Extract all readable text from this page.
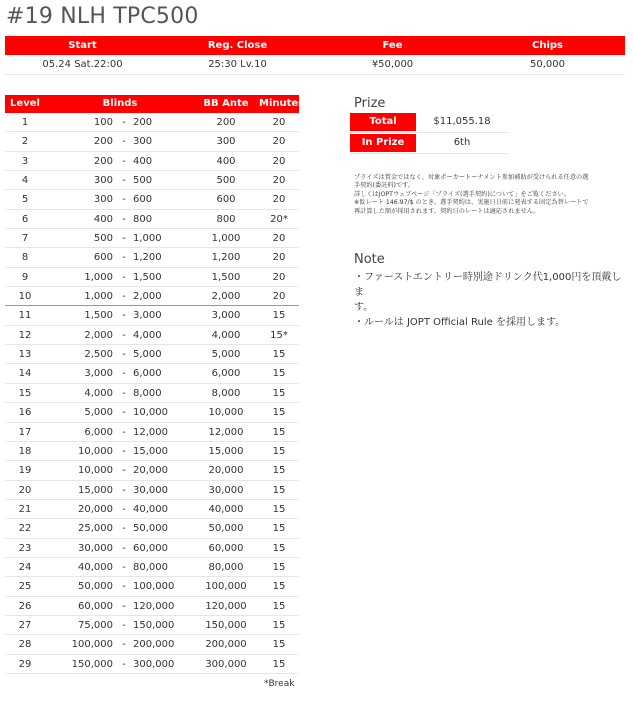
#19 NLH TPC500
Start	Reg. Close	Fee	Chips
05.24 Sat.22:00	25:30 Lv.10	¥50,000	50,000
Level	Blinds	BB Ante	Minutes
1	100 - 200	200	20
2	200 - 300	300	20
3	200 - 400	400	20
4	300 - 500	500	20
5	300 - 600	600	20
6	400 - 800	800	20*
7	500 - 1,000	1,000	20
8	600 - 1,200	1,200	20
9	1,000 - 1,500	1,500	20
10	1,000 - 2,000	2,000	20
11	1,500 - 3,000	3,000	15
12	2,000 - 4,000	4,000	15*
13	2,500 - 5,000	5,000	15
14	3,000 - 6,000	6,000	15
15	4,000 - 8,000	8,000	15
16	5,000 - 10,000	10,000	15
17	6,000 - 12,000	12,000	15
18	10,000 - 15,000	15,000	15
19	10,000 - 20,000	20,000	15
20	15,000 - 30,000	30,000	15
21	20,000 - 40,000	40,000	15
22	25,000 - 50,000	50,000	15
23	30,000 - 60,000	60,000	15
24	40,000 - 80,000	80,000	15
25	50,000 - 100,000	100,000	15
26	60,000 - 120,000	120,000	15
27	75,000 - 150,000	150,000	15
28	100,000 - 200,000	200,000	15
29	150,000 - 300,000	300,000	15
*Break
Prize
Total	$11,055.18
In Prize	6th
プライズは賞金ではなく、対象ポーカートーナメント参加補助が受けられる任意の選
手契約(委託料)です。
詳しくはJOPTウェブページ「プライズ(選手契約)について」をご覧ください。
※仮レート 146.97/$ のとき。選手契約は、実施日日前に発表する固定為替レートで
再計算した額が採用されます。契約日のレートは適応されません。
Note
・ファーストエントリー時別途ドリンク代1,000円を頂戴しま
す。
・ルールは JOPT Official Rule を採用します。
